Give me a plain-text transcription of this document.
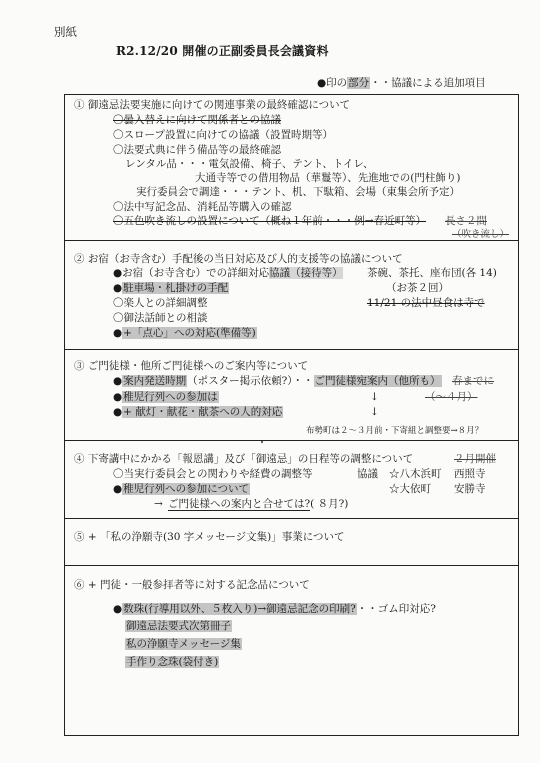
別紙
R2.12/20 開催の正副委員長会議資料
●印の部分・・協議による追加項目
① 御遠忌法要実施に向けての関連事業の最終確認について
〇曇入替えに向けて関係者との協議
〇スロープ設置に向けての協議（設置時期等）
〇法要式典に伴う備品等の最終確認
レンタル品・・・電気設備、椅子、テント、トイレ、
大通寺等での借用物品（華鬘等）、先進地での(門柱飾り)
実行委員会で調達・・・テント、机、下駄箱、会場（東集会所予定）
〇法中写記念品、消耗品等購入の確認
〇五色吹き流しの設置について（概ね１年前・・・例→春近町等） 長さ２間
（吹き流し）
② お宿（お寺含む）手配後の当日対応及び人的支援等の協議について
●お宿（お寺含む）での詳細対応協議（接待等） 茶碗、茶托、座布団(各 14)
●駐車場・札掛けの手配	（お茶２回）
〇楽人との詳細調整	11/21 の法中昼食は寺で
〇御法話師との相談
●+「点心」への対応(準備等)
③ ご門徒様・他所ご門徒様へのご案内等について
●案内発送時期（ポスター掲示依頼?）・・ご門徒様宛案内（他所も） 春までに
●稚児行列への参加は	↓	（～４月）
●+ 献灯・献花・献茶への人的対応	↓
布勢町は２～３月前・下寄組と調整要→８月？
④ 下寄講中にかかる「報恩講」及び「御遠忌」の日程等の調整について	２月開催
〇当実行委員会との関わりや経費の調整等	協議 ☆八木浜町 西照寺
●稚児行列への参加について	☆大依町 安勝寺
→ ご門徒様への案内と合せては?( ８月?)
⑤ + 「私の浄願寺(30 字メッセージ文集)」事業について
⑥ + 門徒・一般参拝者等に対する記念品について
●数珠(行導用以外、５枚入り)→御遠忌記念の印刷?・・ゴム印対応?
御遠忌法要式次第冊子
私の浄願寺メッセージ集
手作り念珠(袋付き)
